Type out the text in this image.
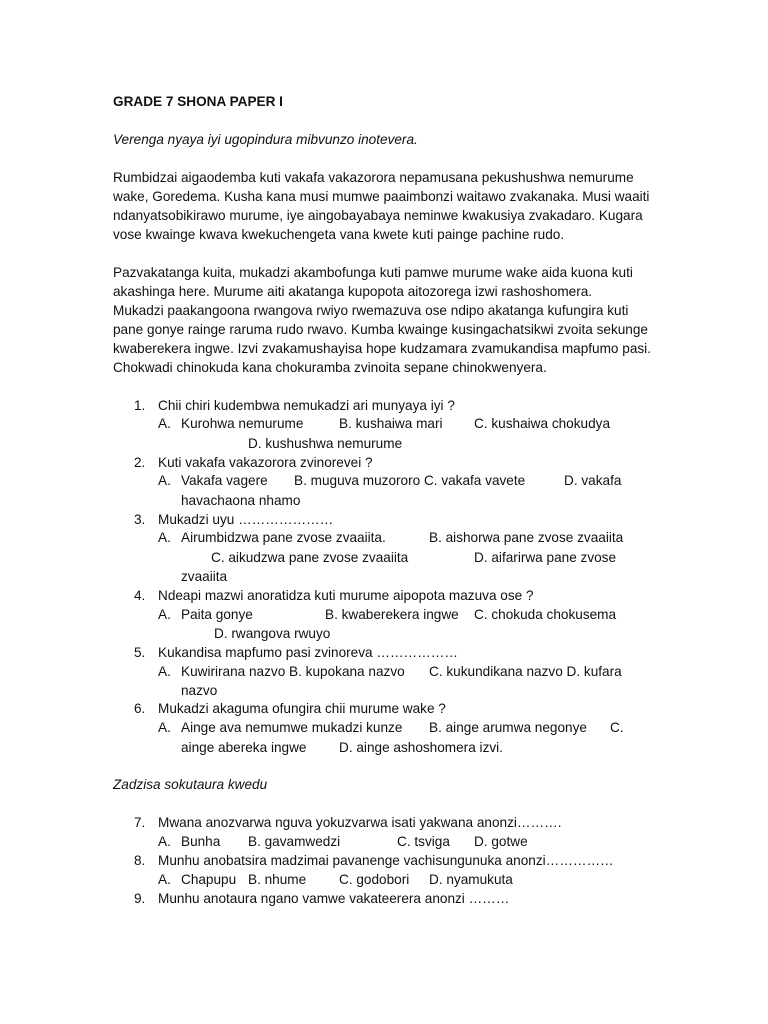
GRADE 7 SHONA PAPER I
Verenga nyaya iyi ugopindura mibvunzo inotevera.
Rumbidzai aigaodemba kuti vakafa vakazorora nepamusana pekushushwa nemurume
wake, Goredema. Kusha kana musi mumwe paaimbonzi waitawo zvakanaka. Musi waaiti
ndanyatsobikirawo murume, iye aingobayabaya neminwe kwakusiya zvakadaro. Kugara
vose kwainge kwava kwekuchengeta vana kwete kuti painge pachine rudo.
Pazvakatanga kuita, mukadzi akambofunga kuti pamwe murume wake aida kuona kuti
akashinga here. Murume aiti akatanga kupopota aitozorega izwi rashoshomera.
Mukadzi paakangoona rwangova rwiyo rwemazuva ose ndipo akatanga kufungira kuti
pane gonye rainge raruma rudo rwavo. Kumba kwainge kusingachatsikwi zvoita sekunge
kwaberekera ingwe. Izvi zvakamushayisa hope kudzamara zvamukandisa mapfumo pasi.
Chokwadi chinokuda kana chokuramba zvinoita sepane chinokwenyera.
1. Chii chiri kudembwa nemukadzi ari munyaya iyi ?
A. Kurohwa nemurume	B. kushaiwa mari C. kushaiwa chokudya
D. kushushwa nemurume
2. Kuti vakafa vakazorora zvinorevei ?
A. Vakafa vagere B. muguva muzororo C. vakafa vavete	D. vakafa
havachaona nhamo
3. Mukadzi uyu …………………
A. Airumbidzwa pane zvose zvaaiita.	B. aishorwa pane zvose zvaaiita
C. aikudzwa pane zvose zvaaiita	D. aifarirwa pane zvose
zvaaiita
4. Ndeapi mazwi anoratidza kuti murume aipopota mazuva ose ?
A. Paita gonye	B. kwaberekera ingwe C. chokuda chokusema
D. rwangova rwuyo
5. Kukandisa mapfumo pasi zvinoreva ………………
A. Kuwirirana nazvo B. kupokana nazvo C. kukundikana nazvo D. kufara
nazvo
6. Mukadzi akaguma ofungira chii murume wake ?
A. Ainge ava nemumwe mukadzi kunze B. ainge arumwa negonye C.
ainge abereka ingwe D. ainge ashoshomera izvi.
Zadzisa sokutaura kwedu
7. Mwana anozvarwa nguva yokuzvarwa isati yakwana anonzi……….
A. Bunha B. gavamwedzi	C. tsviga D. gotwe
8. Munhu anobatsira madzimai pavanenge vachisungunuka anonzi……………
A. Chapupu B. nhume C. godobori D. nyamukuta
9. Munhu anotaura ngano vamwe vakateerera anonzi ………
